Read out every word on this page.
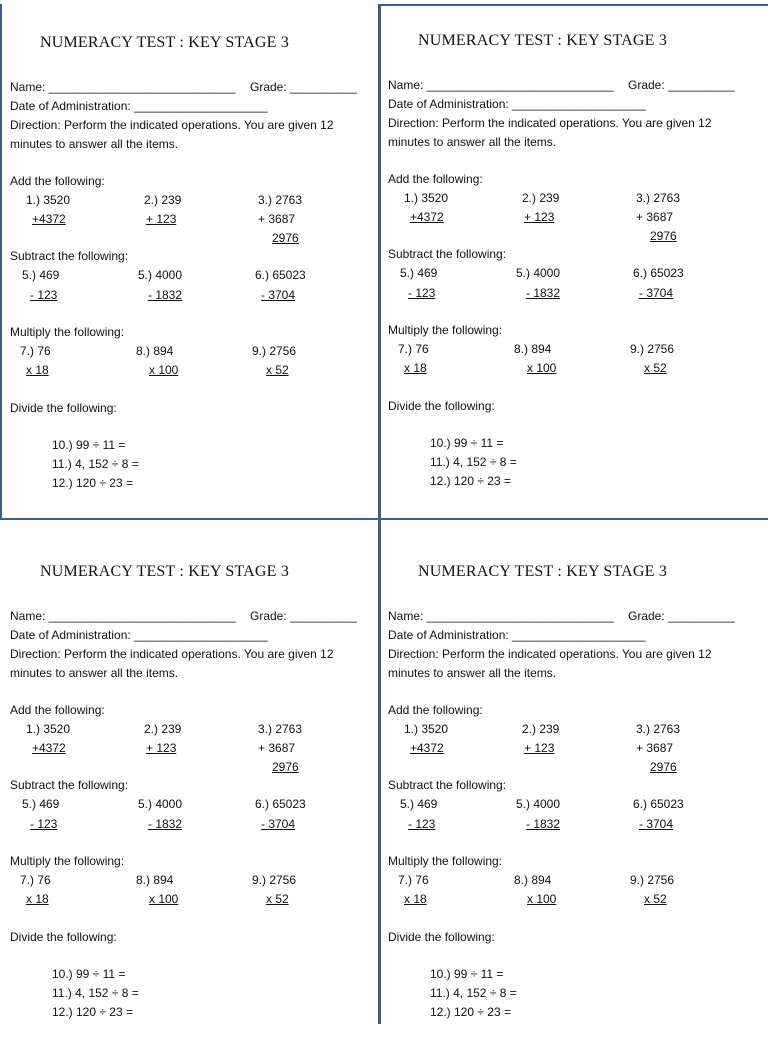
NUMERACY TEST : KEY STAGE 3
Name: ____________________________ Grade: __________
Date of Administration: ____________________
Direction: Perform the indicated operations. You are given 12
minutes to answer all the items.
Add the following:
1.) 3520
+4372
2.) 239
+ 123
3.) 2763
+ 3687
2976
Subtract the following:
5.) 469
- 123
5.) 4000
- 1832
6.) 65023
- 3704
Multiply the following:
7.) 76
x 18
8.) 894
x 100
9.) 2756
x 52
Divide the following:
10.) 99 ÷ 11 =
11.) 4, 152 ÷ 8 =
12.) 120 ÷ 23 =
NUMERACY TEST : KEY STAGE 3
Name: ____________________________ Grade: __________
Date of Administration: ____________________
Direction: Perform the indicated operations. You are given 12
minutes to answer all the items.
Add the following:
1.) 3520
+4372
2.) 239
+ 123
3.) 2763
+ 3687
2976
Subtract the following:
5.) 469
- 123
5.) 4000
- 1832
6.) 65023
- 3704
Multiply the following:
7.) 76
x 18
8.) 894
x 100
9.) 2756
x 52
Divide the following:
10.) 99 ÷ 11 =
11.) 4, 152 ÷ 8 =
12.) 120 ÷ 23 =
NUMERACY TEST : KEY STAGE 3
Name: ____________________________ Grade: __________
Date of Administration: ____________________
Direction: Perform the indicated operations. You are given 12
minutes to answer all the items.
Add the following:
1.) 3520
+4372
2.) 239
+ 123
3.) 2763
+ 3687
2976
Subtract the following:
5.) 469
- 123
5.) 4000
- 1832
6.) 65023
- 3704
Multiply the following:
7.) 76
x 18
8.) 894
x 100
9.) 2756
x 52
Divide the following:
10.) 99 ÷ 11 =
11.) 4, 152 ÷ 8 =
12.) 120 ÷ 23 =
NUMERACY TEST : KEY STAGE 3
Name: ____________________________ Grade: __________
Date of Administration: ____________________
Direction: Perform the indicated operations. You are given 12
minutes to answer all the items.
Add the following:
1.) 3520
+4372
2.) 239
+ 123
3.) 2763
+ 3687
2976
Subtract the following:
5.) 469
- 123
5.) 4000
- 1832
6.) 65023
- 3704
Multiply the following:
7.) 76
x 18
8.) 894
x 100
9.) 2756
x 52
Divide the following:
10.) 99 ÷ 11 =
11.) 4, 152 ÷ 8 =
12.) 120 ÷ 23 =
